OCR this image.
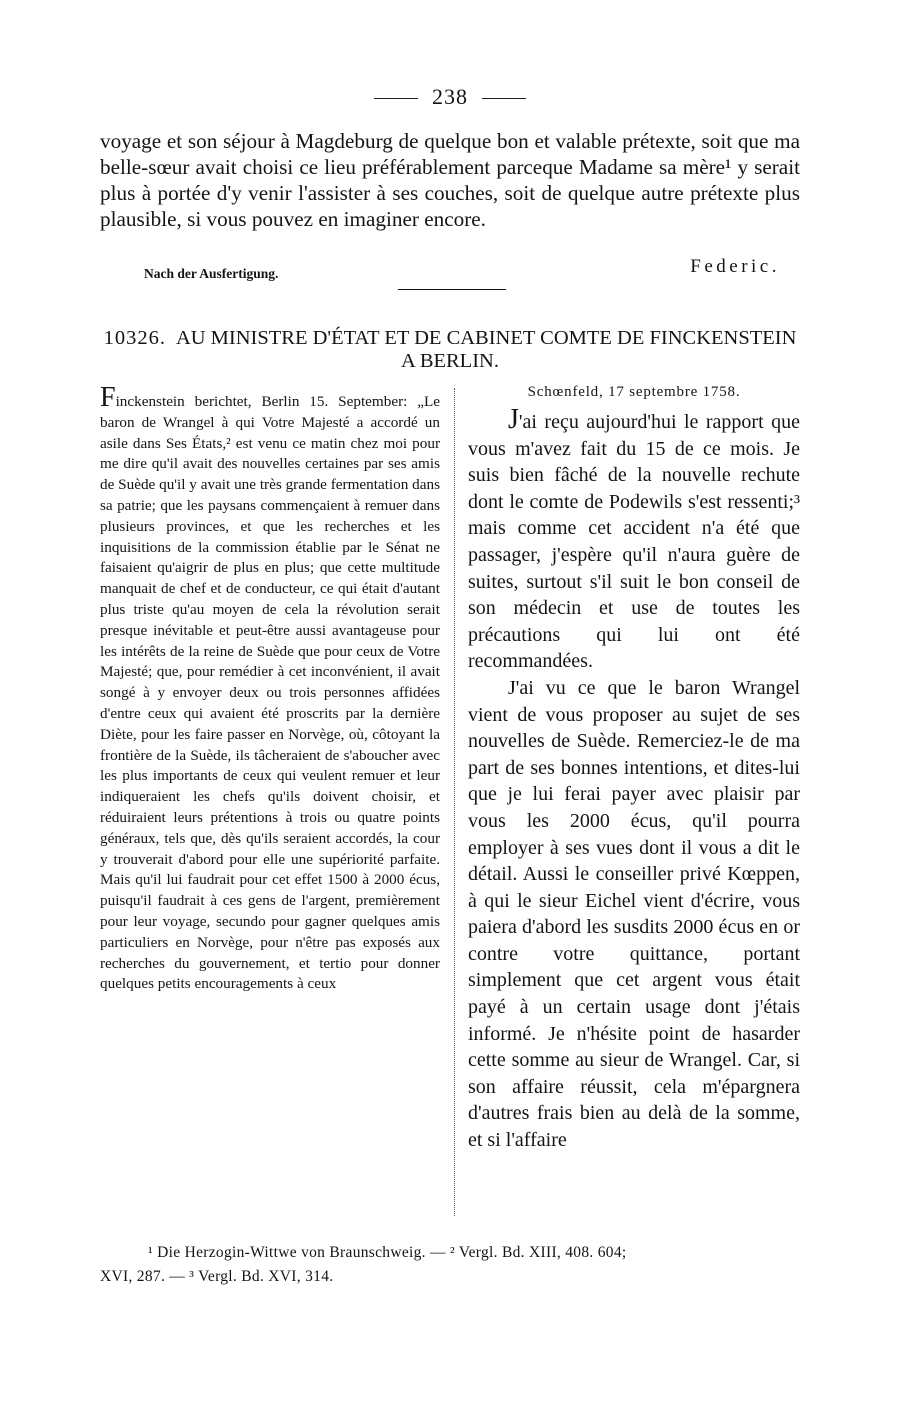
238

voyage et son séjour à Magdeburg de quelque bon et valable prétexte, soit que ma belle-sœur avait choisi ce lieu préférablement parceque Madame sa mère¹ y serait plus à portée d'y venir l'assister à ses couches, soit de quelque autre prétexte plus plausible, si vous pouvez en imaginer encore.

Nach der Ausfertigung.	Federic.
10326. AU MINISTRE D'ÉTAT ET DE CABINET COMTE DE FINCKENSTEIN A BERLIN.

Finckenstein berichtet, Berlin 15. September: „Le baron de Wrangel à qui Votre Majesté a accordé un asile dans Ses États,² est venu ce matin chez moi pour me dire qu'il avait des nouvelles certaines par ses amis de Suède qu'il y avait une très grande fermentation dans sa patrie; que les paysans commençaient à remuer dans plusieurs provinces, et que les recherches et les inquisitions de la commission établie par le Sénat ne faisaient qu'aigrir de plus en plus; que cette multitude manquait de chef et de conducteur, ce qui était d'autant plus triste qu'au moyen de cela la révolution serait presque inévitable et peut-être aussi avantageuse pour les intérêts de la reine de Suède que pour ceux de Votre Majesté; que, pour remédier à cet inconvénient, il avait songé à y envoyer deux ou trois personnes affidées d'entre ceux qui avaient été proscrits par la dernière Diète, pour les faire passer en Norvège, où, côtoyant la frontière de la Suède, ils tâcheraient de s'aboucher avec les plus importants de ceux qui veulent remuer et leur indiqueraient les chefs qu'ils doivent choisir, et réduiraient leurs prétentions à trois ou quatre points généraux, tels que, dès qu'ils seraient accordés, la cour y trouverait d'abord pour elle une supériorité parfaite. Mais qu'il lui faudrait pour cet effet 1500 à 2000 écus, puisqu'il faudrait à ces gens de l'argent, premièrement pour leur voyage, secundo pour gagner quelques amis particuliers en Norvège, pour n'être pas exposés aux recherches du gouvernement, et tertio pour donner quelques petits encouragements à ceux

Schœnfeld, 17 septembre 1758.

J'ai reçu aujourd'hui le rapport que vous m'avez fait du 15 de ce mois. Je suis bien fâché de la nouvelle rechute dont le comte de Podewils s'est ressenti;³ mais comme cet accident n'a été que passager, j'espère qu'il n'aura guère de suites, surtout s'il suit le bon conseil de son médecin et use de toutes les précautions qui lui ont été recommandées.

J'ai vu ce que le baron Wrangel vient de vous proposer au sujet de ses nouvelles de Suède. Remerciez-le de ma part de ses bonnes intentions, et dites-lui que je lui ferai payer avec plaisir par vous les 2000 écus, qu'il pourra employer à ses vues dont il vous a dit le détail. Aussi le conseiller privé Kœppen, à qui le sieur Eichel vient d'écrire, vous paiera d'abord les susdits 2000 écus en or contre votre quittance, portant simplement que cet argent vous était payé à un certain usage dont j'étais informé. Je n'hésite point de hasarder cette somme au sieur de Wrangel. Car, si son affaire réussit, cela m'épargnera d'autres frais bien au delà de la somme, et si l'affaire

¹ Die Herzogin-Wittwe von Braunschweig. — ² Vergl. Bd. XIII, 408. 604;

XVI, 287. — ³ Vergl. Bd. XVI, 314.
